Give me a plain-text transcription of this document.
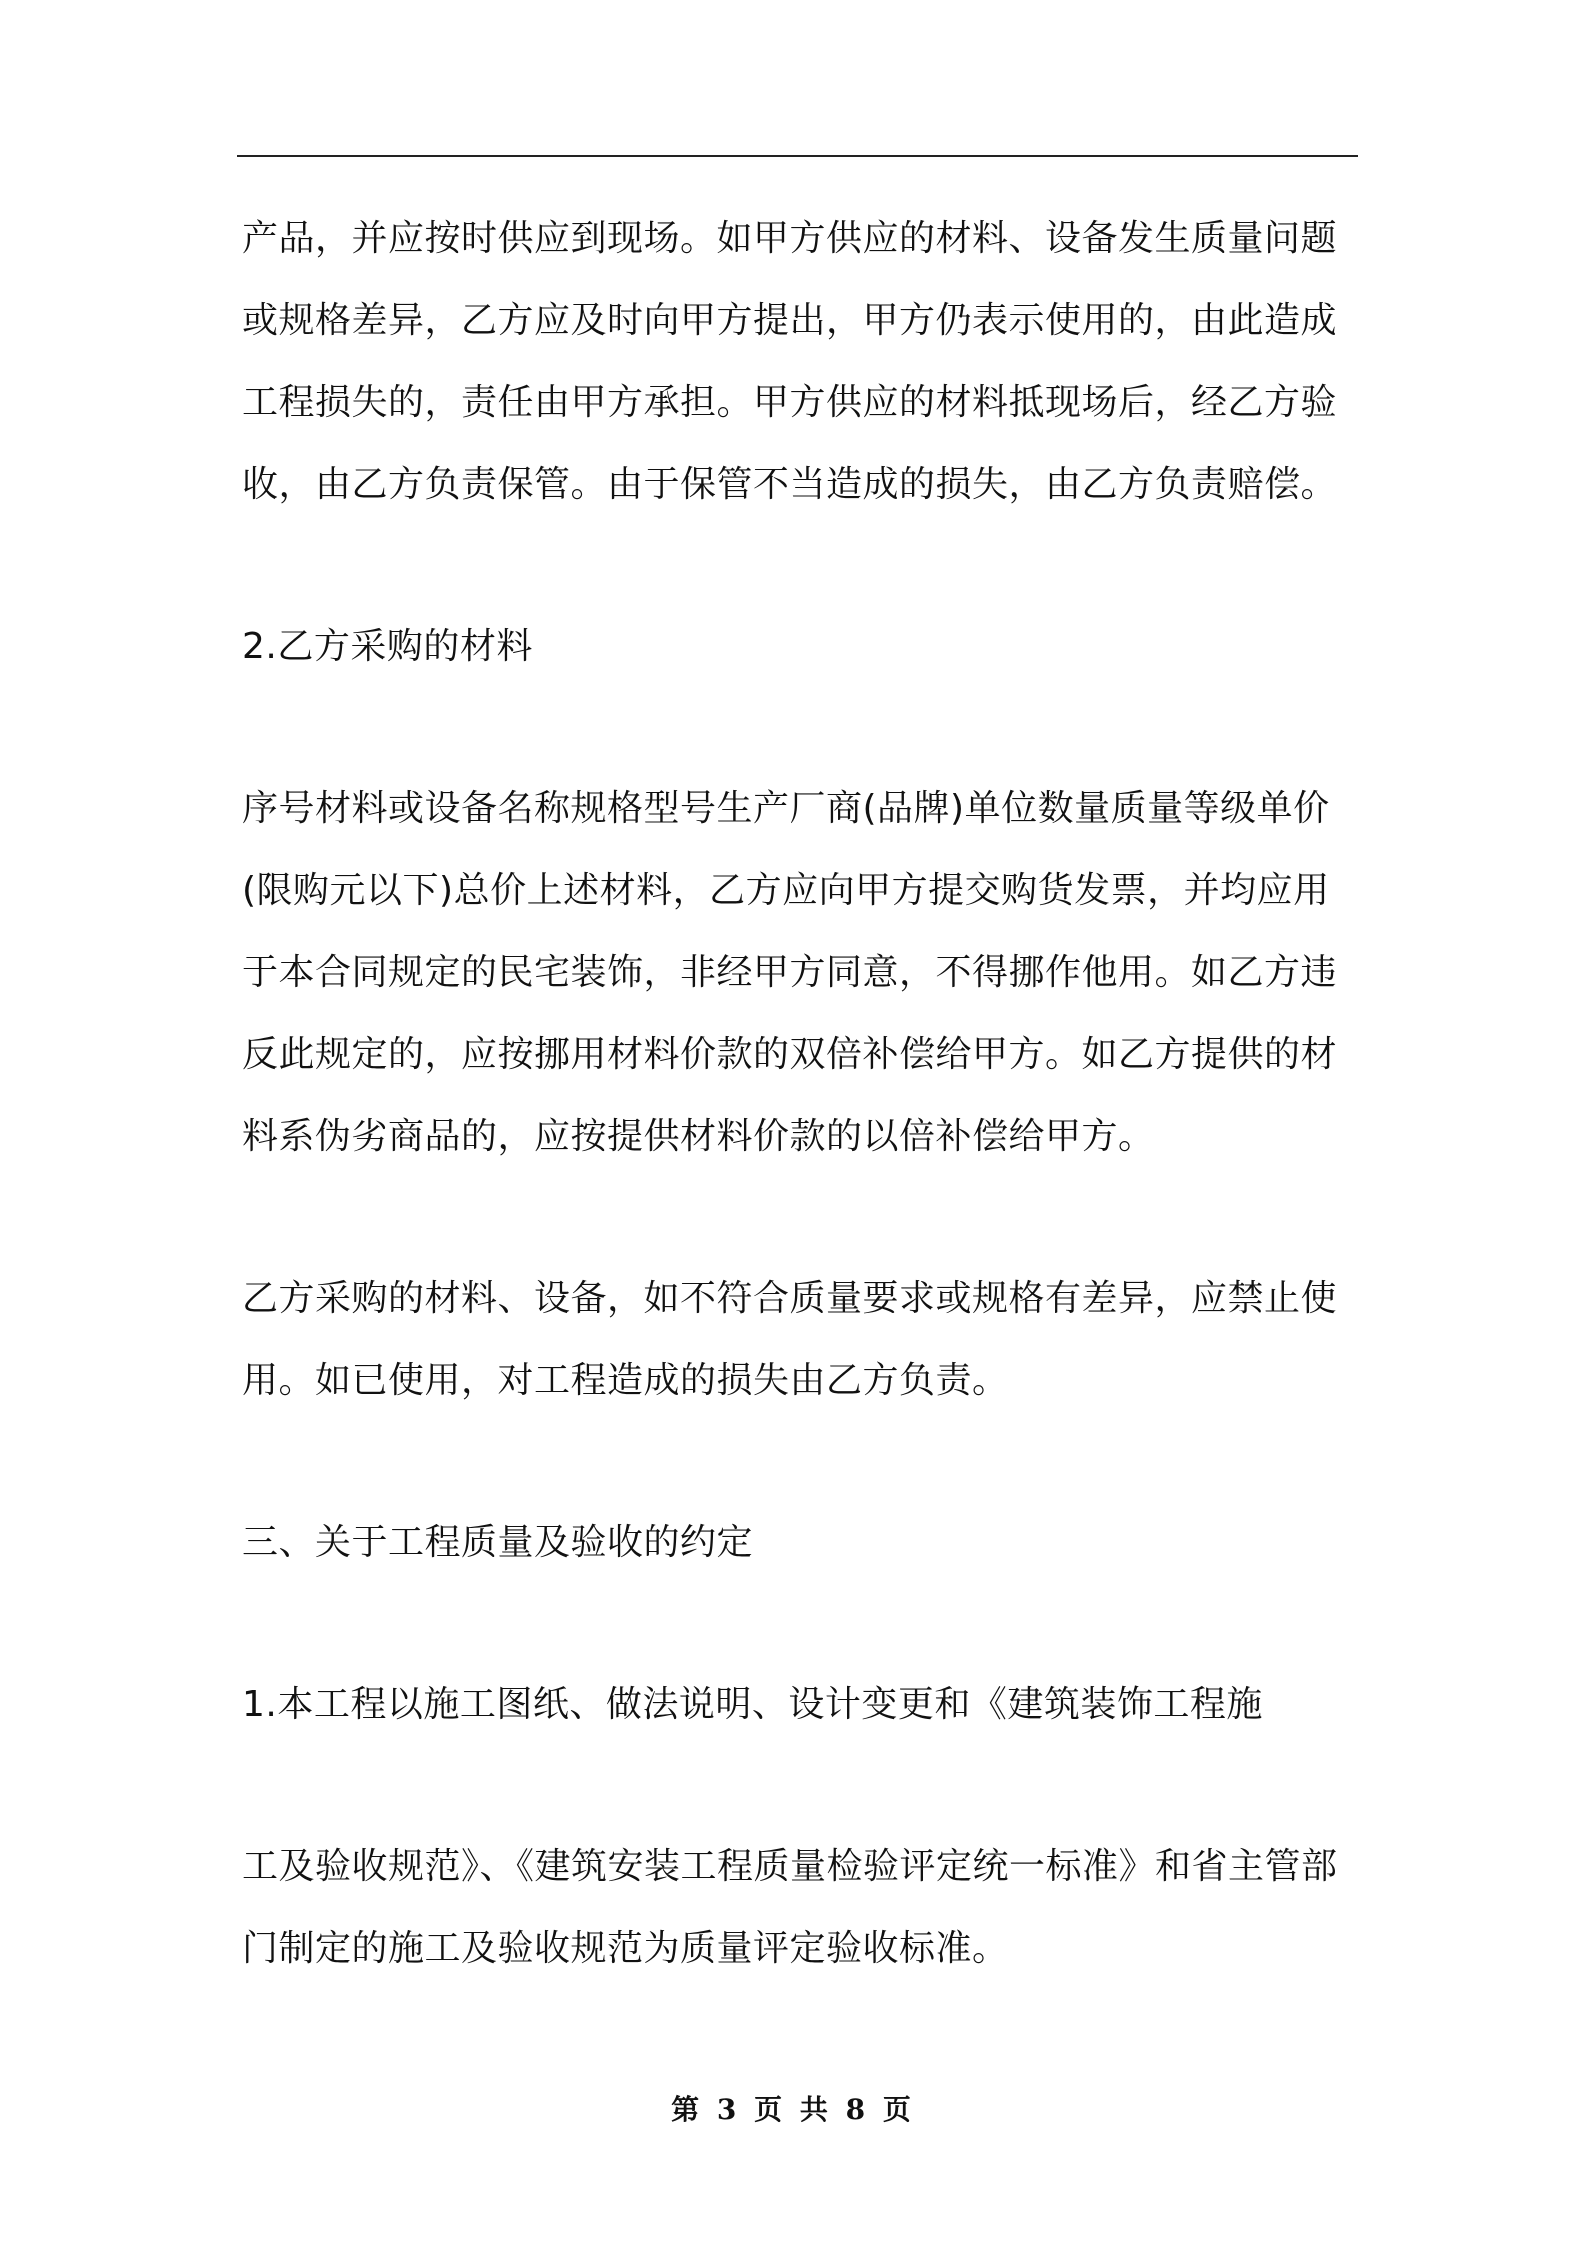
产品，并应按时供应到现场。如甲方供应的材料、设备发生质量问题或规格差异，乙方应及时向甲方提出，甲方仍表示使用的，由此造成工程损失的，责任由甲方承担。甲方供应的材料抵现场后，经乙方验收，由乙方负责保管。由于保管不当造成的损失，由乙方负责赔偿。

2.乙方采购的材料

序号材料或设备名称规格型号生产厂商(品牌)单位数量质量等级单价(限购元以下)总价上述材料，乙方应向甲方提交购货发票，并均应用于本合同规定的民宅装饰，非经甲方同意，不得挪作他用。如乙方违反此规定的，应按挪用材料价款的双倍补偿给甲方。如乙方提供的材料系伪劣商品的，应按提供材料价款的以倍补偿给甲方。

乙方采购的材料、设备，如不符合质量要求或规格有差异，应禁止使用。如已使用，对工程造成的损失由乙方负责。

三、关于工程质量及验收的约定

1.本工程以施工图纸、做法说明、设计变更和《建筑装饰工程施

工及验收规范》、《建筑安装工程质量检验评定统一标准》和省主管部门制定的施工及验收规范为质量评定验收标准。

第 3 页 共 8 页
